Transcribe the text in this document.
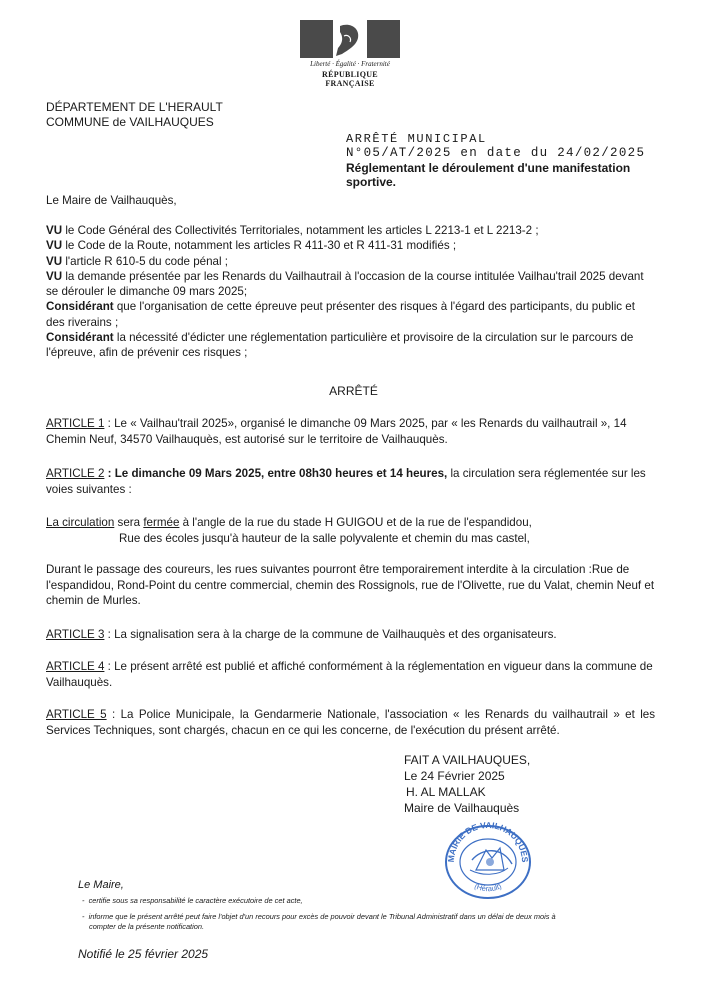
Liberté · Égalité · Fraternité
RÉPUBLIQUE FRANÇAISE
DÉPARTEMENT DE L'HERAULT
COMMUNE de VAILHAUQUES
ARRÊTÉ MUNICIPAL
N°05/AT/2025 en date du 24/02/2025
Réglementant le déroulement d'une manifestation
sportive.
Le Maire de Vailhauquès,
VU le Code Général des Collectivités Territoriales, notamment les articles L 2213-1 et L 2213-2 ;
VU le Code de la Route, notamment les articles R 411-30 et R 411-31 modifiés ;
VU l'article R 610-5 du code pénal ;
VU la demande présentée par les Renards du Vailhautrail à l'occasion de la course intitulée Vailhau'trail 2025 devant se dérouler le dimanche 09 mars 2025;
Considérant que l'organisation de cette épreuve peut présenter des risques à l'égard des participants, du public et des riverains ;
Considérant la nécessité d'édicter une réglementation particulière et provisoire de la circulation sur le parcours de l'épreuve, afin de prévenir ces risques ;
ARRÊTÉ
ARTICLE 1 : Le « Vailhau'trail 2025», organisé le dimanche 09 Mars 2025, par « les Renards du vailhautrail », 14 Chemin Neuf, 34570 Vailhauquès, est autorisé sur le territoire de Vailhauquès.
ARTICLE 2 : Le dimanche 09 Mars 2025, entre 08h30 heures et 14 heures, la circulation sera réglementée sur les voies suivantes :
La circulation sera fermée à l'angle de la rue du stade H GUIGOU et de la rue de l'espandidou,
Rue des écoles jusqu'à hauteur de la salle polyvalente et chemin du mas castel,
Durant le passage des coureurs, les rues suivantes pourront être temporairement interdite à la circulation :Rue de l'espandidou, Rond-Point du centre commercial, chemin des Rossignols, rue de l'Olivette, rue du Valat, chemin Neuf et chemin de Murles.
ARTICLE 3 : La signalisation sera à la charge de la commune de Vailhauquès et des organisateurs.
ARTICLE 4 : Le présent arrêté est publié et affiché conformément à la réglementation en vigueur dans la commune de Vailhauquès.
ARTICLE 5 : La Police Municipale, la Gendarmerie Nationale, l'association « les Renards du vailhautrail » et les Services Techniques, sont chargés, chacun en ce qui les concerne, de l'exécution du présent arrêté.
FAIT A VAILHAUQUES,
Le 24 Février 2025
H. AL MALLAK
Maire de Vailhauquès
MAIRIE DE VAILHAUQUES
(Hérault)
Le Maire,
-  certifie sous sa responsabilité le caractère exécutoire de cet acte,
-  informe que le présent arrêté peut faire l'objet d'un recours pour excès de pouvoir devant le Tribunal Administratif dans un délai de deux mois à
compter de la présente notification.
Notifié le 25 février 2025
